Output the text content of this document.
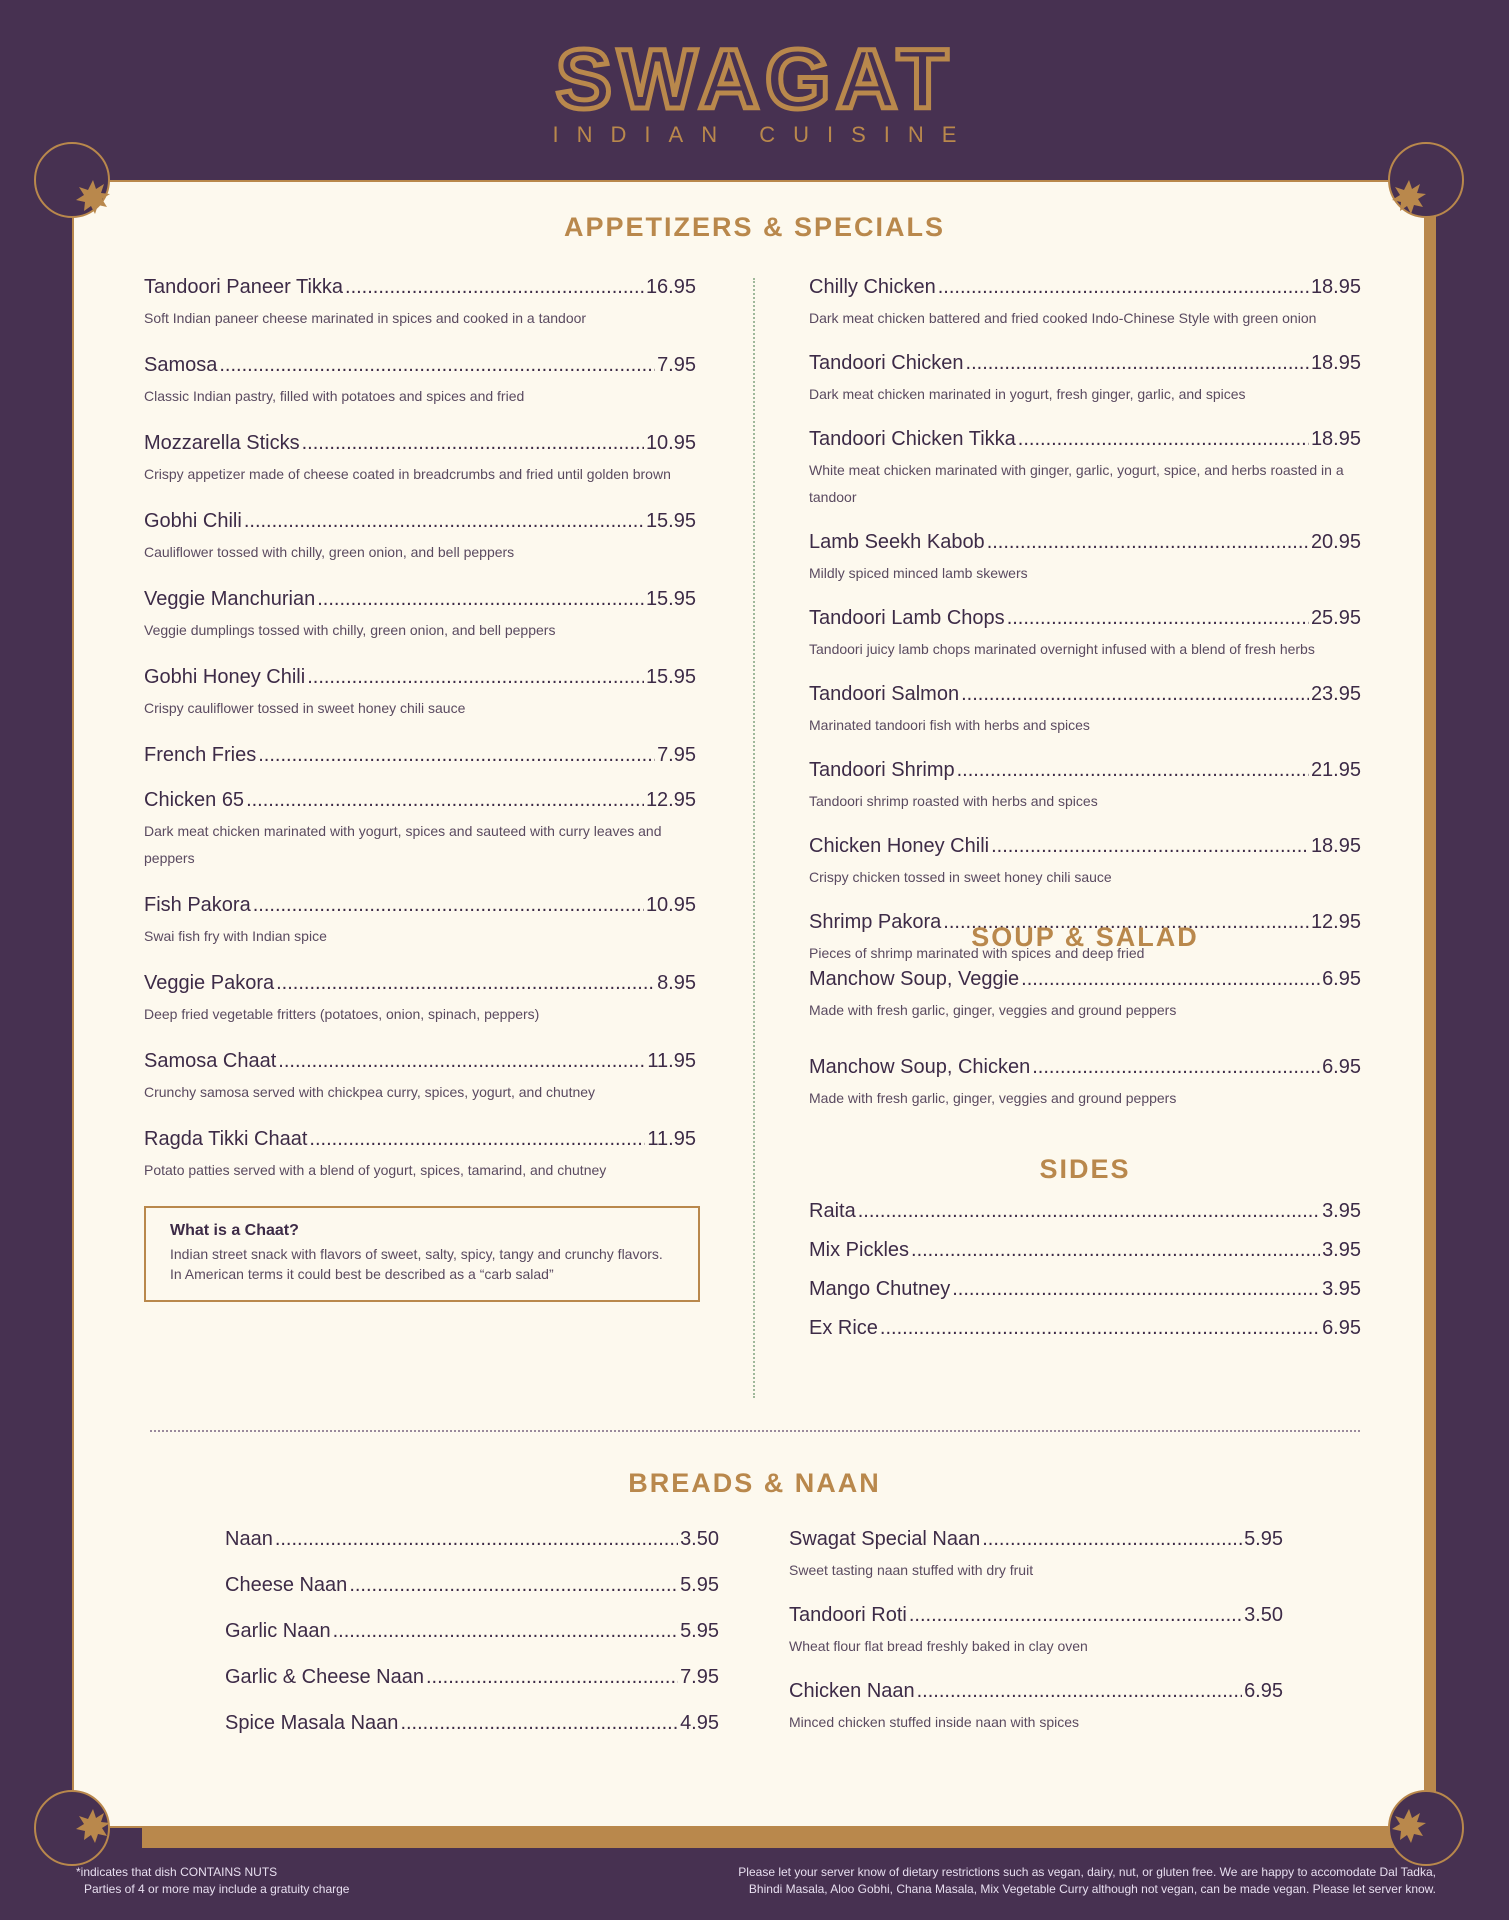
SWAGAT
INDIAN CUISINE
APPETIZERS & SPECIALS
Tandoori Paneer Tikka .....	16.95
Soft Indian paneer cheese marinated in spices and cooked in a tandoor
Samosa .....	7.95
Classic Indian pastry, filled with potatoes and spices and fried
Mozzarella Sticks .....	10.95
Crispy appetizer made of cheese coated in breadcrumbs and fried until golden brown
Gobhi Chili .....	15.95
Cauliflower tossed with chilly, green onion, and bell peppers
Veggie Manchurian .....	15.95
Veggie dumplings tossed with chilly, green onion, and bell peppers
Gobhi Honey Chili .....	15.95
Crispy cauliflower tossed in sweet honey chili sauce
French Fries .....	7.95
Chicken 65 .....	12.95
Dark meat chicken marinated with yogurt, spices and sauteed with curry leaves and peppers
Fish Pakora .....	10.95
Swai fish fry with Indian spice
Veggie Pakora .....	8.95
Deep fried vegetable fritters (potatoes, onion, spinach, peppers)
Samosa Chaat .....	11.95
Crunchy samosa served with chickpea curry, spices, yogurt, and chutney
Ragda Tikki Chaat .....	11.95
Potato patties served with a blend of yogurt, spices, tamarind, and chutney
Chilly Chicken .....	18.95
Dark meat chicken battered and fried cooked Indo-Chinese Style with green onion
Tandoori Chicken .....	18.95
Dark meat chicken marinated in yogurt, fresh ginger, garlic, and spices
Tandoori Chicken Tikka .....	18.95
White meat chicken marinated with ginger, garlic, yogurt, spice, and herbs roasted in a tandoor
Lamb Seekh Kabob .....	20.95
Mildly spiced minced lamb skewers
Tandoori Lamb Chops .....	25.95
Tandoori juicy lamb chops marinated overnight infused with a blend of fresh herbs
Tandoori Salmon .....	23.95
Marinated tandoori fish with herbs and spices
Tandoori Shrimp .....	21.95
Tandoori shrimp roasted with herbs and spices
Chicken Honey Chili .....	18.95
Crispy chicken tossed in sweet honey chili sauce
Shrimp Pakora .....	12.95
Pieces of shrimp marinated with spices and deep fried
What is a Chaat?

Indian street snack with flavors of sweet, salty, spicy, tangy and crunchy flavors. In American terms it could best be described as a “carb salad”

SOUP & SALAD
Manchow Soup, Veggie .....	6.95
Made with fresh garlic, ginger, veggies and ground peppers
Manchow Soup, Chicken .....	6.95
Made with fresh garlic, ginger, veggies and ground peppers
SIDES
Raita .....	3.95
Mix Pickles .....	3.95
Mango Chutney .....	3.95
Ex Rice .....	6.95
BREADS & NAAN
Naan .....	3.50
Cheese Naan .....	5.95
Garlic Naan .....	5.95
Garlic & Cheese Naan .....	7.95
Spice Masala Naan .....	4.95
Swagat Special Naan .....	5.95
Sweet tasting naan stuffed with dry fruit
Tandoori Roti .....	3.50
Wheat flour flat bread freshly baked in clay oven
Chicken Naan .....	6.95
Minced chicken stuffed inside naan with spices
*indicates that dish CONTAINS NUTS
Parties of 4 or more may include a gratuity charge
Please let your server know of dietary restrictions such as vegan, dairy, nut, or gluten free. We are happy to accomodate Dal Tadka,
Bhindi Masala, Aloo Gobhi, Chana Masala, Mix Vegetable Curry although not vegan, can be made vegan. Please let server know.
